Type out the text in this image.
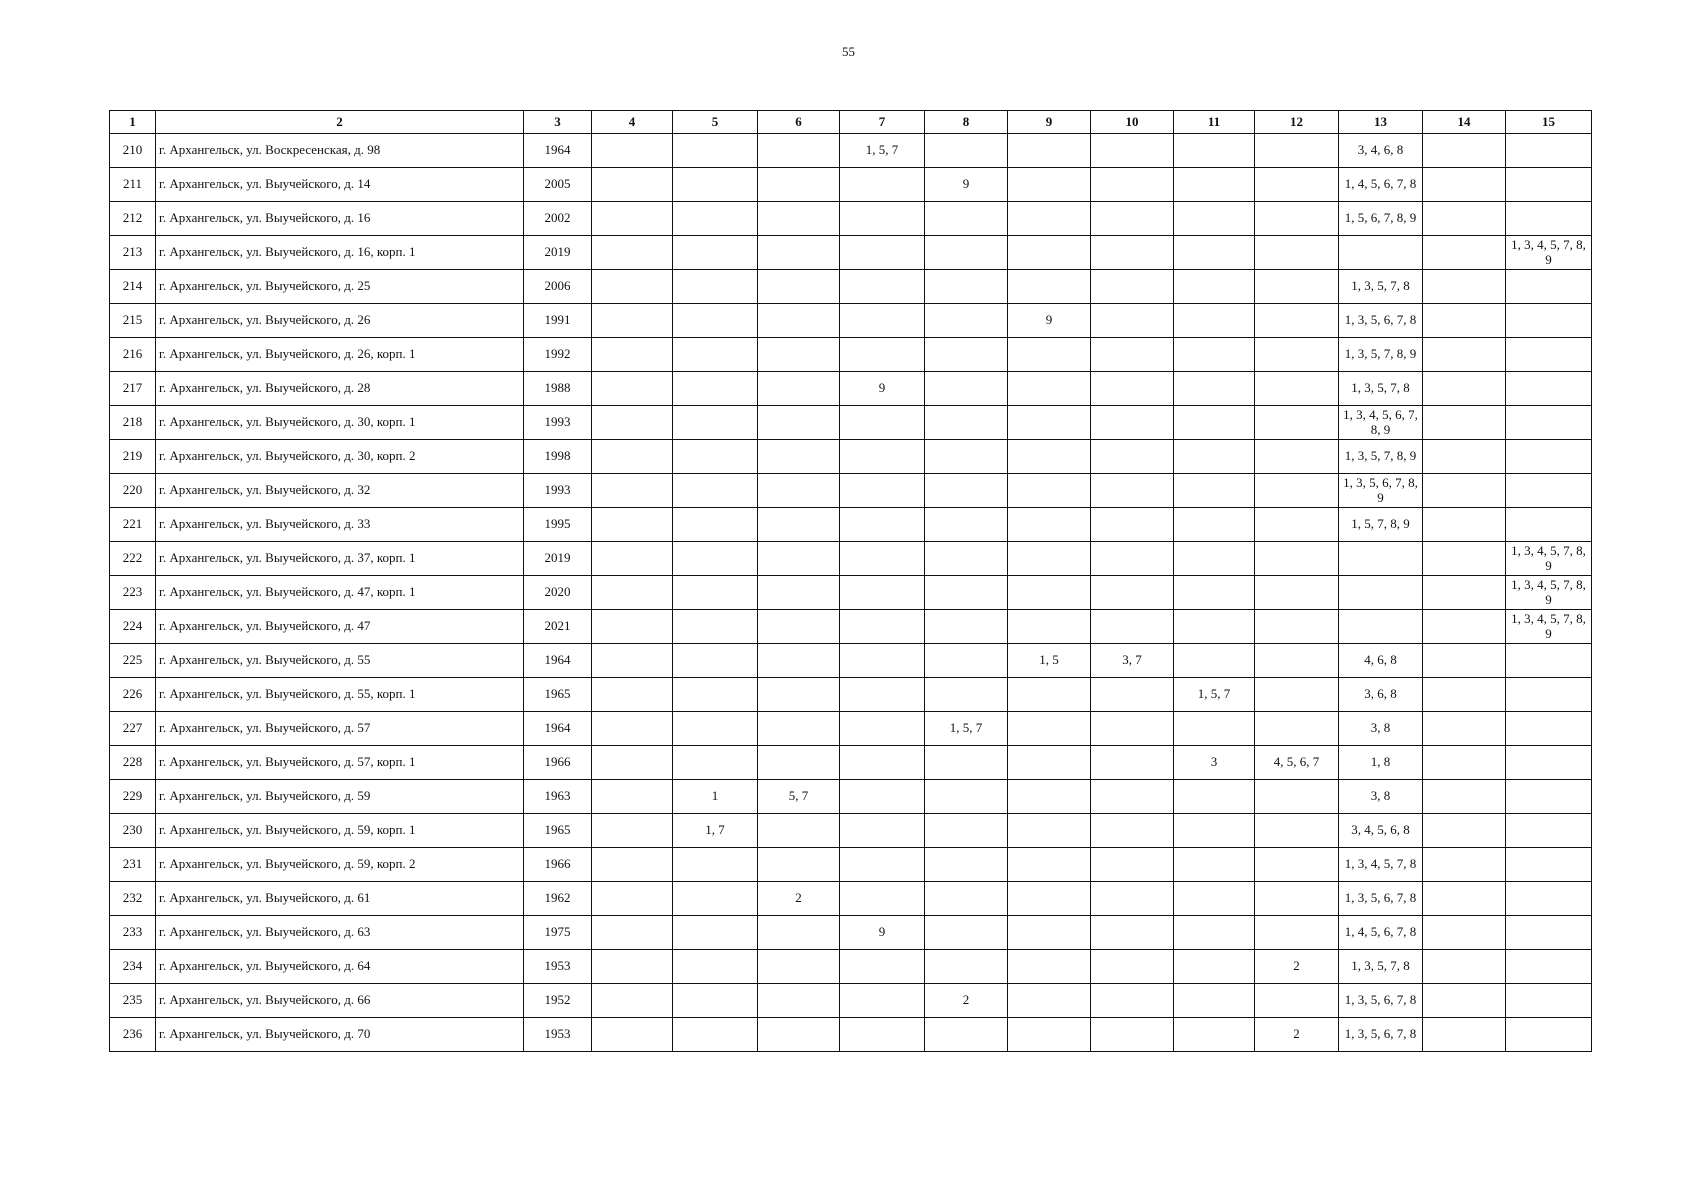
55
1	2	3	4	5	6	7	8	9	10	11	12	13	14	15
210	г. Архангельск, ул. Воскресенская, д. 98	1964				1, 5, 7						3, 4, 6, 8		
211	г. Архангельск, ул. Выучейского, д. 14	2005					9					1, 4, 5, 6, 7, 8		
212	г. Архангельск, ул. Выучейского, д. 16	2002										1, 5, 6, 7, 8, 9		
213	г. Архангельск, ул. Выучейского, д. 16, корп. 1	2019												1, 3, 4, 5, 7, 8, 9
214	г. Архангельск, ул. Выучейского, д. 25	2006										1, 3, 5, 7, 8		
215	г. Архангельск, ул. Выучейского, д. 26	1991						9				1, 3, 5, 6, 7, 8		
216	г. Архангельск, ул. Выучейского, д. 26, корп. 1	1992										1, 3, 5, 7, 8, 9		
217	г. Архангельск, ул. Выучейского, д. 28	1988				9						1, 3, 5, 7, 8		
218	г. Архангельск, ул. Выучейского, д. 30, корп. 1	1993										1, 3, 4, 5, 6, 7, 8, 9		
219	г. Архангельск, ул. Выучейского, д. 30, корп. 2	1998										1, 3, 5, 7, 8, 9		
220	г. Архангельск, ул. Выучейского, д. 32	1993										1, 3, 5, 6, 7, 8, 9		
221	г. Архангельск, ул. Выучейского, д. 33	1995										1, 5, 7, 8, 9		
222	г. Архангельск, ул. Выучейского, д. 37, корп. 1	2019												1, 3, 4, 5, 7, 8, 9
223	г. Архангельск, ул. Выучейского, д. 47, корп. 1	2020												1, 3, 4, 5, 7, 8, 9
224	г. Архангельск, ул. Выучейского, д. 47	2021												1, 3, 4, 5, 7, 8, 9
225	г. Архангельск, ул. Выучейского, д. 55	1964						1, 5	3, 7			4, 6, 8		
226	г. Архангельск, ул. Выучейского, д. 55, корп. 1	1965								1, 5, 7		3, 6, 8		
227	г. Архангельск, ул. Выучейского, д. 57	1964					1, 5, 7					3, 8		
228	г. Архангельск, ул. Выучейского, д. 57, корп. 1	1966								3	4, 5, 6, 7	1, 8		
229	г. Архангельск, ул. Выучейского, д. 59	1963		1	5, 7							3, 8		
230	г. Архангельск, ул. Выучейского, д. 59, корп. 1	1965		1, 7								3, 4, 5, 6, 8		
231	г. Архангельск, ул. Выучейского, д. 59, корп. 2	1966										1, 3, 4, 5, 7, 8		
232	г. Архангельск, ул. Выучейского, д. 61	1962			2							1, 3, 5, 6, 7, 8		
233	г. Архангельск, ул. Выучейского, д. 63	1975				9						1, 4, 5, 6, 7, 8		
234	г. Архангельск, ул. Выучейского, д. 64	1953									2	1, 3, 5, 7, 8		
235	г. Архангельск, ул. Выучейского, д. 66	1952					2					1, 3, 5, 6, 7, 8		
236	г. Архангельск, ул. Выучейского, д. 70	1953									2	1, 3, 5, 6, 7, 8		
